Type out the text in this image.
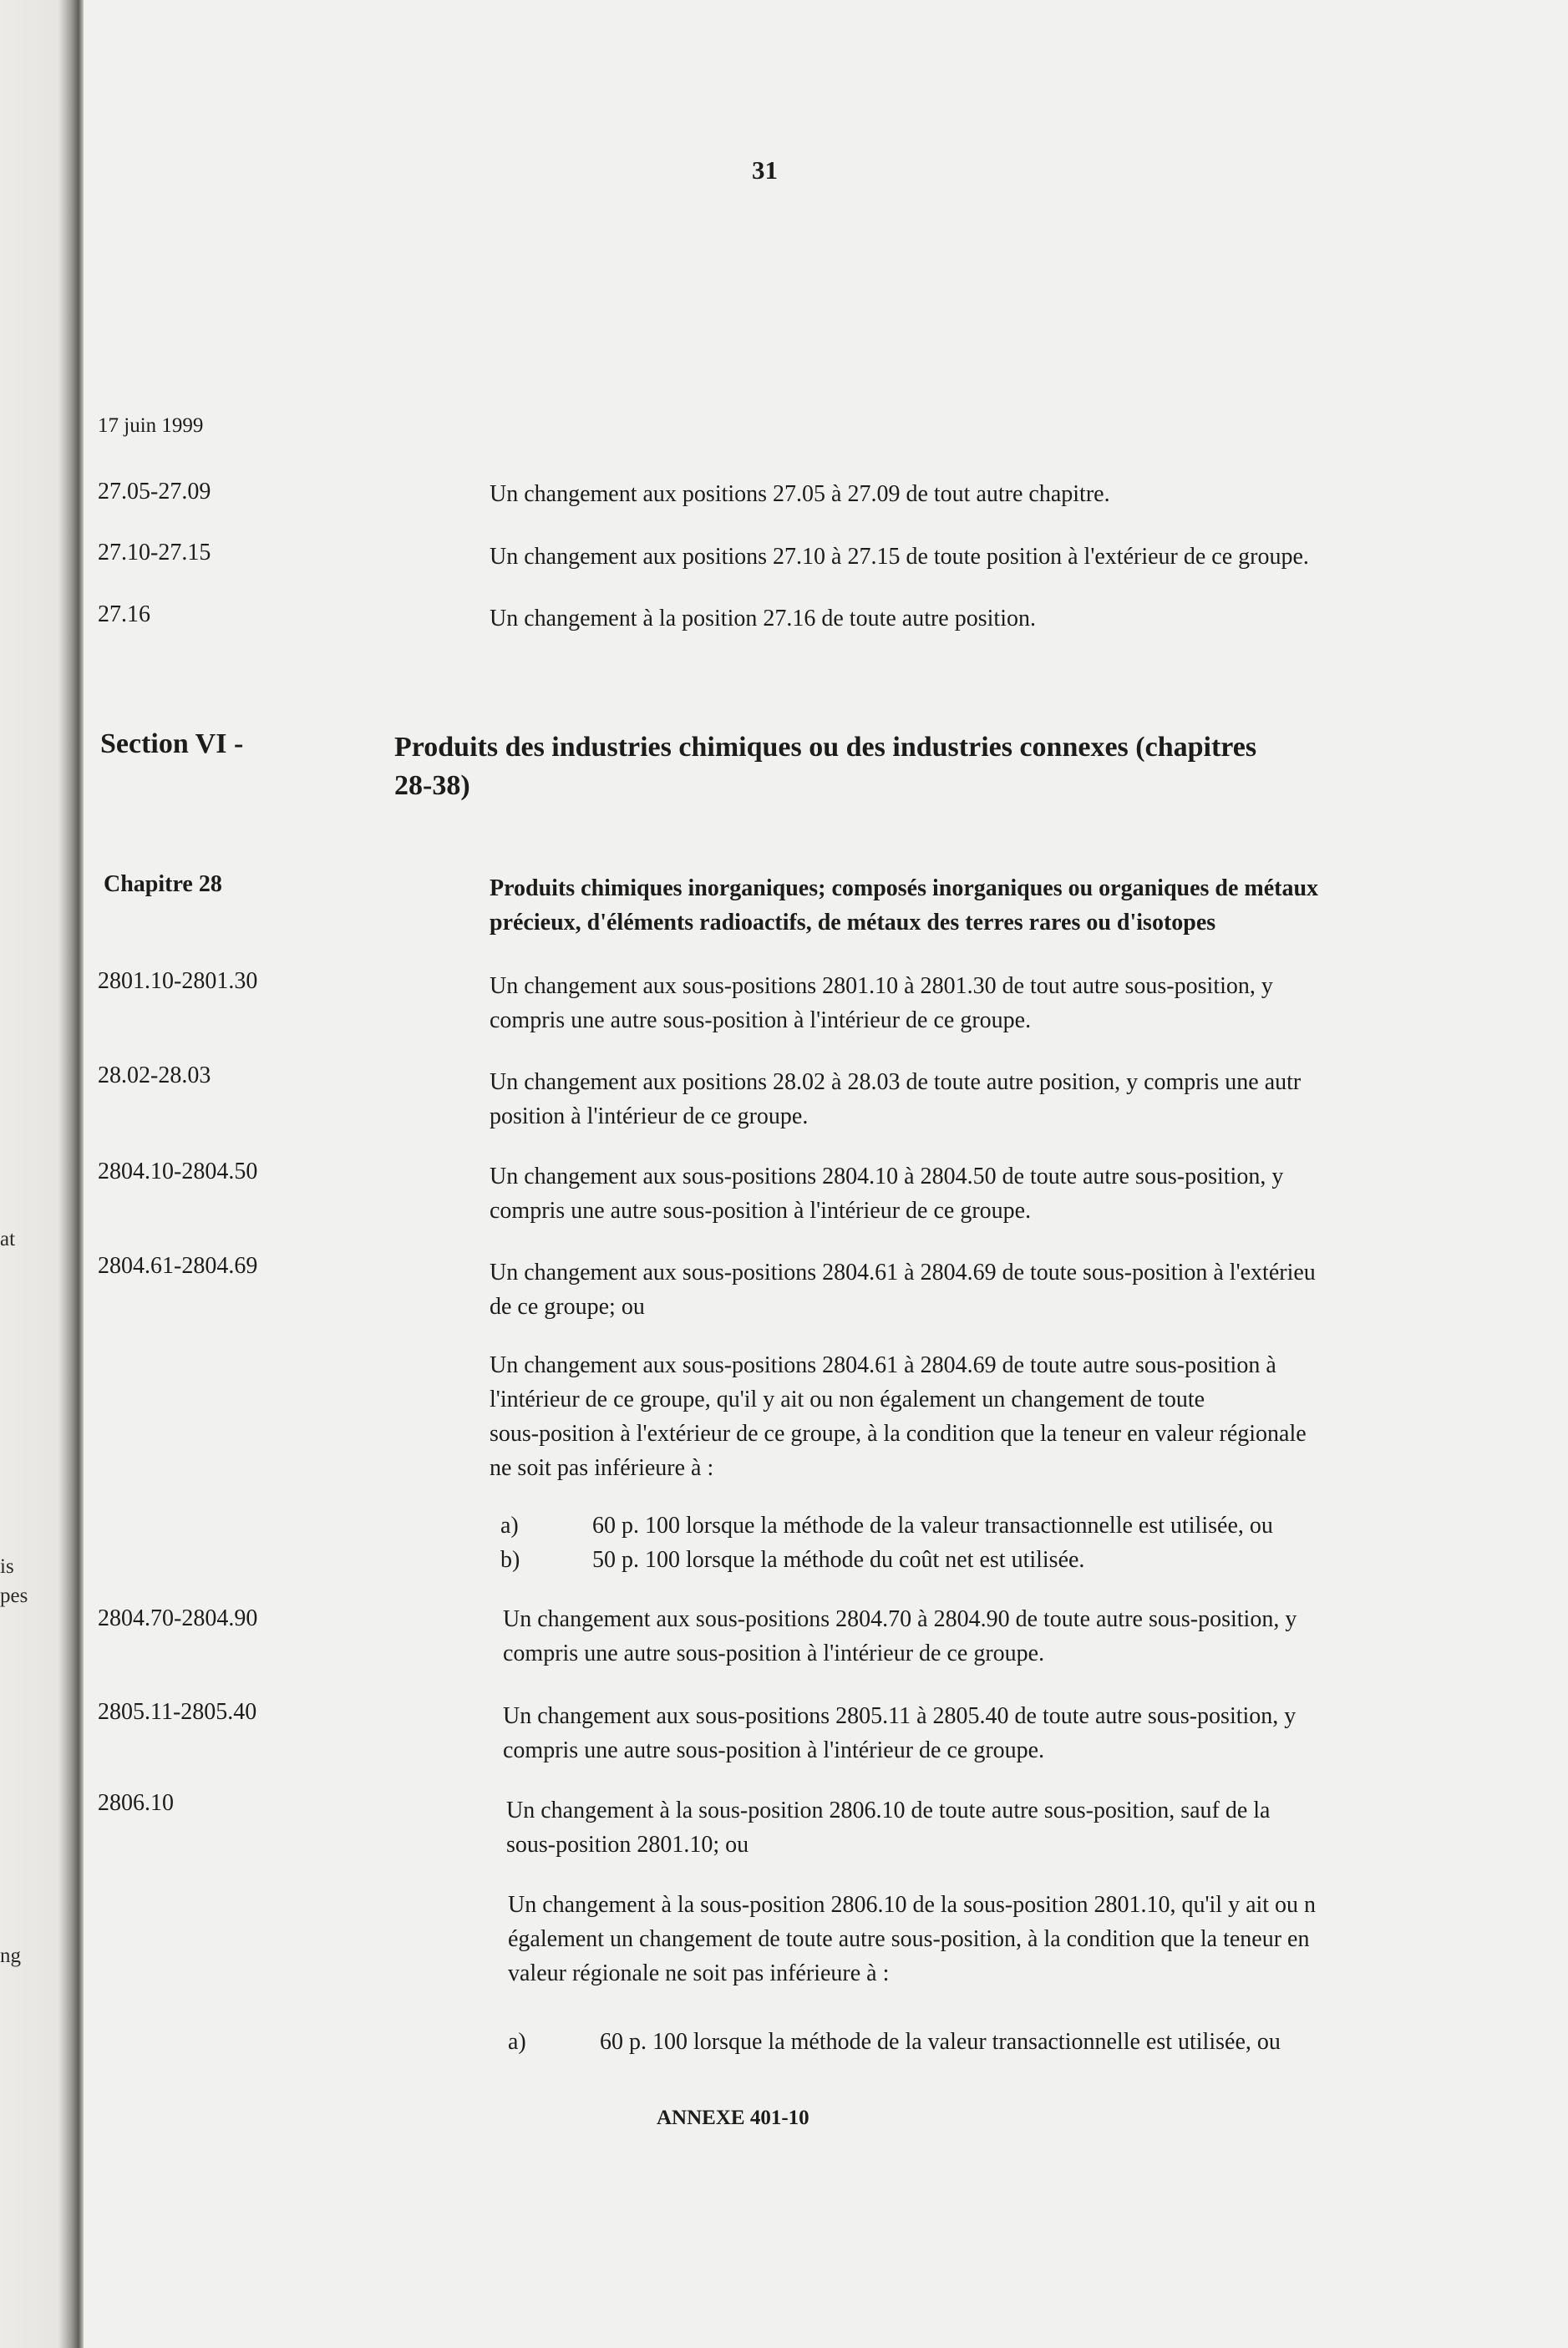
at
is
pes
ng
31
17 juin 1999
27.05-27.09	Un changement aux positions 27.05 à 27.09 de tout autre chapitre.
27.10-27.15	Un changement aux positions 27.10 à 27.15 de toute position à l'extérieur de ce groupe.
27.16	Un changement à la position 27.16 de toute autre position.
Section VI -	Produits des industries chimiques ou des industries connexes (chapitres
28-38)
Chapitre 28	Produits chimiques inorganiques; composés inorganiques ou organiques de métaux
précieux, d'éléments radioactifs, de métaux des terres rares ou d'isotopes
2801.10-2801.30	Un changement aux sous-positions 2801.10 à 2801.30 de tout autre sous-position, y
compris une autre sous-position à l'intérieur de ce groupe.
28.02-28.03	Un changement aux positions 28.02 à 28.03 de toute autre position, y compris une autr
position à l'intérieur de ce groupe.
2804.10-2804.50	Un changement aux sous-positions 2804.10 à 2804.50 de toute autre sous-position, y
compris une autre sous-position à l'intérieur de ce groupe.
2804.61-2804.69	Un changement aux sous-positions 2804.61 à 2804.69 de toute sous-position à l'extérieu
de ce groupe; ou
Un changement aux sous-positions 2804.61 à 2804.69 de toute autre sous-position à
l'intérieur de ce groupe, qu'il y ait ou non également un changement de toute
sous-position à l'extérieur de ce groupe, à la condition que la teneur en valeur régionale
ne soit pas inférieure à :
a)	60 p. 100 lorsque la méthode de la valeur transactionnelle est utilisée, ou
b)	50 p. 100 lorsque la méthode du coût net est utilisée.
2804.70-2804.90	Un changement aux sous-positions 2804.70 à 2804.90 de toute autre sous-position, y
compris une autre sous-position à l'intérieur de ce groupe.
2805.11-2805.40	Un changement aux sous-positions 2805.11 à 2805.40 de toute autre sous-position, y
compris une autre sous-position à l'intérieur de ce groupe.
2806.10	Un changement à la sous-position 2806.10 de toute autre sous-position, sauf de la
sous-position 2801.10; ou
Un changement à la sous-position 2806.10 de la sous-position 2801.10, qu'il y ait ou n
également un changement de toute autre sous-position, à la condition que la teneur en
valeur régionale ne soit pas inférieure à :
a)	60 p. 100 lorsque la méthode de la valeur transactionnelle est utilisée, ou
ANNEXE 401-10
